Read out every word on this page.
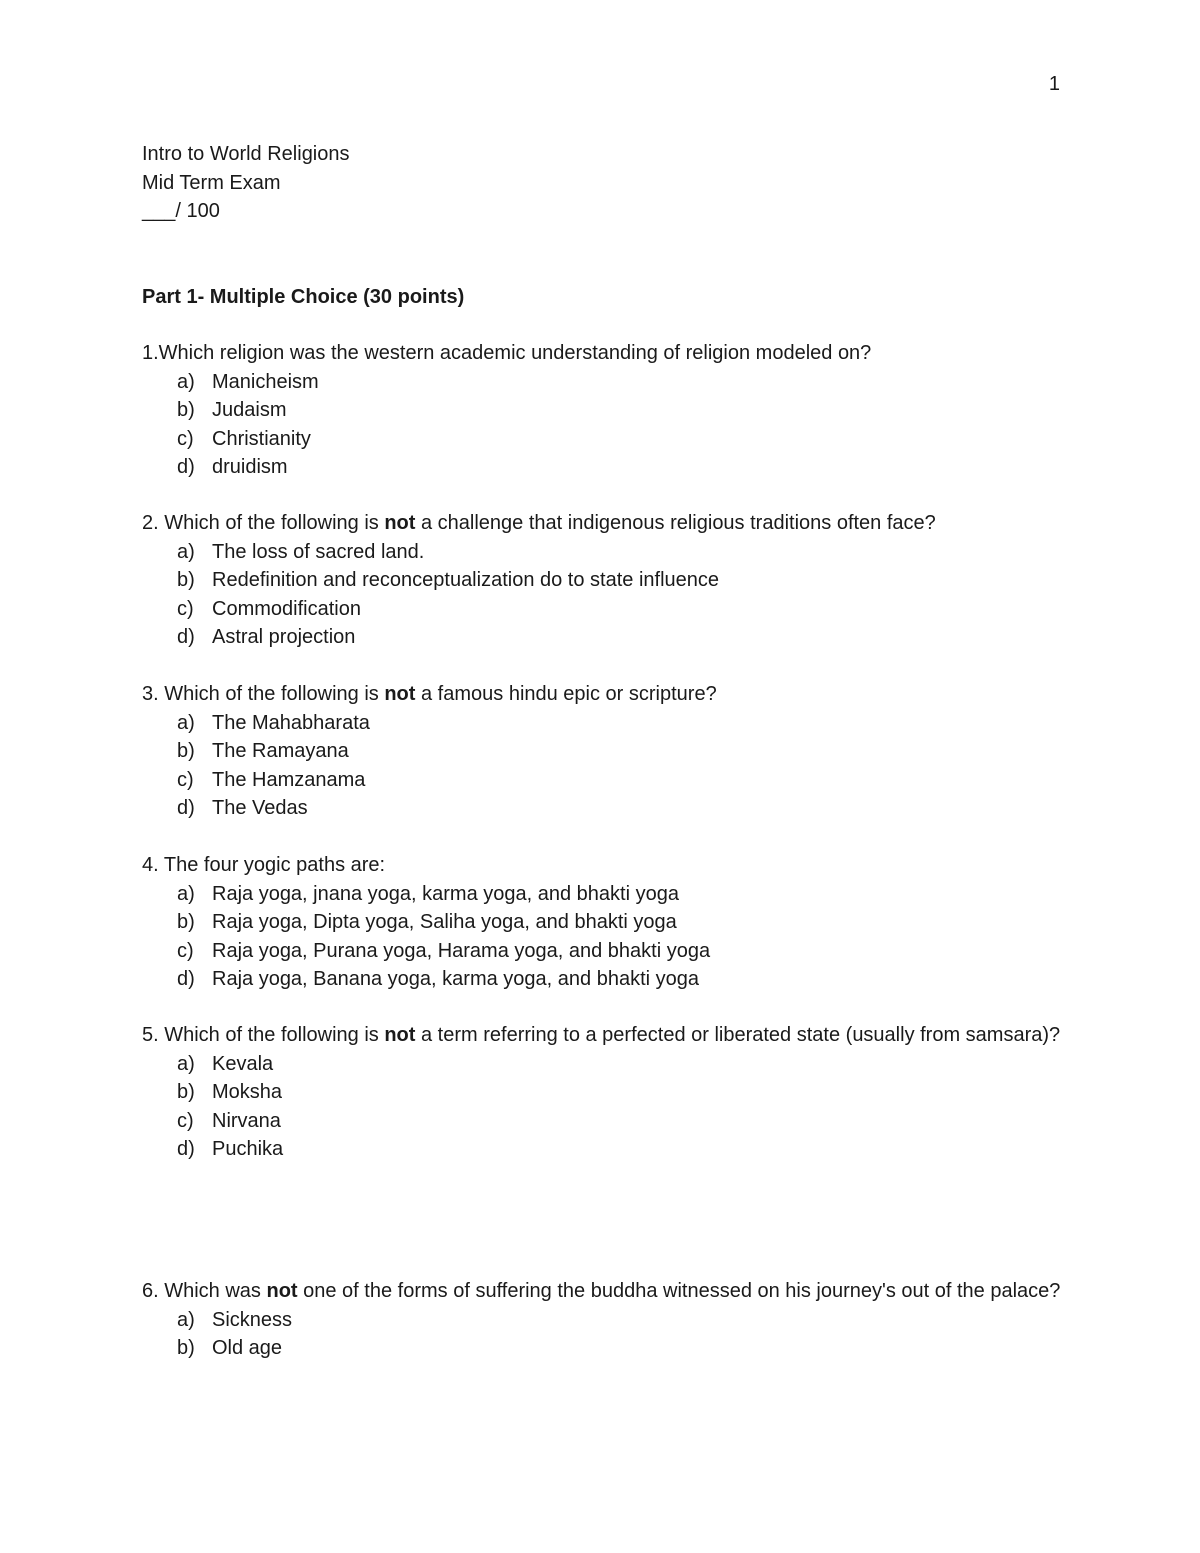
1
Intro to World Religions
Mid Term Exam
___/ 100
Part 1- Multiple Choice (30 points)
1.Which religion was the western academic understanding of religion modeled on?
a) Manicheism
b) Judaism
c) Christianity
d) druidism
2. Which of the following is not a challenge that indigenous religious traditions often face?
a) The loss of sacred land.
b) Redefinition and reconceptualization do to state influence
c) Commodification
d) Astral projection
3. Which of the following is not a famous hindu epic or scripture?
a) The Mahabharata
b) The Ramayana
c) The Hamzanama
d) The Vedas
4. The four yogic paths are:
a) Raja yoga, jnana yoga, karma yoga, and bhakti yoga
b) Raja yoga, Dipta yoga, Saliha yoga, and bhakti yoga
c) Raja yoga, Purana yoga, Harama yoga, and bhakti yoga
d) Raja yoga, Banana yoga, karma yoga, and bhakti yoga
5. Which of the following is not a term referring to a perfected or liberated state (usually from samsara)?
a) Kevala
b) Moksha
c) Nirvana
d) Puchika
6. Which was not one of the forms of suffering the buddha witnessed on his journey's out of the palace?
a) Sickness
b) Old age
